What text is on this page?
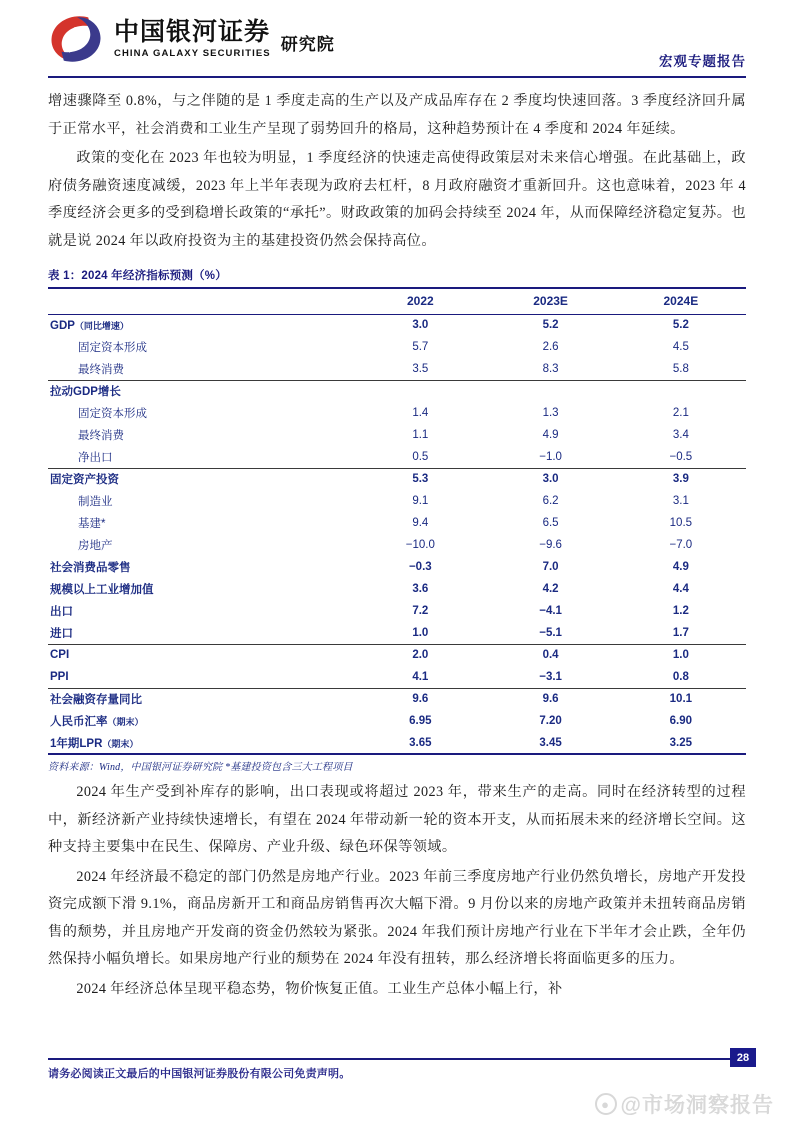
中国银河证券
CHINA GALAXY SECURITIES 研究院
宏观专题报告

增速骤降至 0.8%，与之伴随的是 1 季度走高的生产以及产成品库存在 2 季度均快速回落。3 季度经济回升属于正常水平，社会消费和工业生产呈现了弱势回升的格局，这种趋势预计在 4 季度和 2024 年延续。

政策的变化在 2023 年也较为明显，1 季度经济的快速走高使得政策层对未来信心增强。在此基础上，政府债务融资速度减缓，2023 年上半年表现为政府去杠杆，8 月政府融资才重新回升。这也意味着，2023 年 4 季度经济会更多的受到稳增长政策的“承托”。财政政策的加码会持续至 2024 年，从而保障经济稳定复苏。也就是说 2024 年以政府投资为主的基建投资仍然会保持高位。

表 1：2024 年经济指标预测（%）
	2022	2023E	2024E
GDP（同比增速）	3.0	5.2	5.2
固定资本形成	5.7	2.6	4.5
最终消费	3.5	8.3	5.8
拉动GDP增长			
固定资本形成	1.4	1.3	2.1
最终消费	1.1	4.9	3.4
净出口	0.5	−1.0	−0.5
固定资产投资	5.3	3.0	3.9
制造业	9.1	6.2	3.1
基建*	9.4	6.5	10.5
房地产	−10.0	−9.6	−7.0
社会消费品零售	−0.3	7.0	4.9
规模以上工业增加值	3.6	4.2	4.4
出口	7.2	−4.1	1.2
进口	1.0	−5.1	1.7
CPI	2.0	0.4	1.0
PPI	4.1	−3.1	0.8
社会融资存量同比	9.6	9.6	10.1
人民币汇率（期末）	6.95	7.20	6.90
1年期LPR（期末）	3.65	3.45	3.25
资料来源：Wind，中国银河证券研究院 *基建投资包含三大工程项目

2024 年生产受到补库存的影响，出口表现或将超过 2023 年，带来生产的走高。同时在经济转型的过程中，新经济新产业持续快速增长，有望在 2024 年带动新一轮的资本开支，从而拓展未来的经济增长空间。这种支持主要集中在民生、保障房、产业升级、绿色环保等领域。

2024 年经济最不稳定的部门仍然是房地产行业。2023 年前三季度房地产行业仍然负增长，房地产开发投资完成额下滑 9.1%，商品房新开工和商品房销售再次大幅下滑。9 月份以来的房地产政策并未扭转商品房销售的颓势，并且房地产开发商的资金仍然较为紧张。2024 年我们预计房地产行业在下半年才会止跌，全年仍然保持小幅负增长。如果房地产行业的颓势在 2024 年没有扭转，那么经济增长将面临更多的压力。

2024 年经济总体呈现平稳态势，物价恢复正值。工业生产总体小幅上行，补

请务必阅读正文最后的中国银河证券股份有限公司免责声明。
28
● @市场洞察报告
